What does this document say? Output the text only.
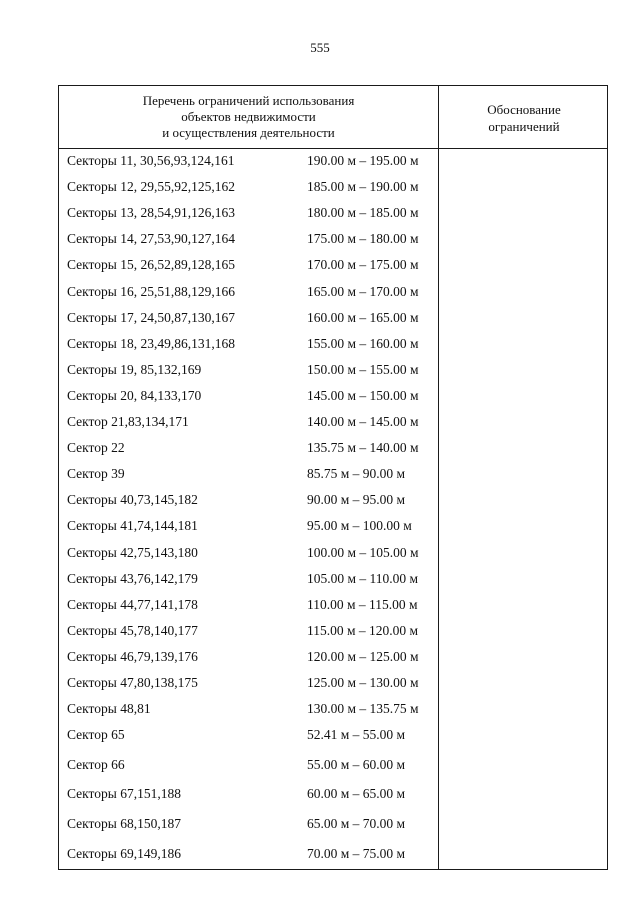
555
Перечень ограничений использования
объектов недвижимости
и осуществления деятельности
Обоснование
ограничений
Секторы 11, 30,56,93,124,161	190.00 м – 195.00 м
Секторы 12, 29,55,92,125,162	185.00 м – 190.00 м
Секторы 13, 28,54,91,126,163	180.00 м – 185.00 м
Секторы 14, 27,53,90,127,164	175.00 м – 180.00 м
Секторы 15, 26,52,89,128,165	170.00 м – 175.00 м
Секторы 16, 25,51,88,129,166	165.00 м – 170.00 м
Секторы 17, 24,50,87,130,167	160.00 м – 165.00 м
Секторы 18, 23,49,86,131,168	155.00 м – 160.00 м
Секторы 19, 85,132,169	150.00 м – 155.00 м
Секторы 20, 84,133,170	145.00 м – 150.00 м
Сектор 21,83,134,171	140.00 м – 145.00 м
Сектор 22	135.75 м – 140.00 м
Сектор 39	85.75 м – 90.00 м
Секторы 40,73,145,182	90.00 м – 95.00 м
Секторы 41,74,144,181	95.00 м – 100.00 м
Секторы 42,75,143,180	100.00 м – 105.00 м
Секторы 43,76,142,179	105.00 м – 110.00 м
Секторы 44,77,141,178	110.00 м – 115.00 м
Секторы 45,78,140,177	115.00 м – 120.00 м
Секторы 46,79,139,176	120.00 м – 125.00 м
Секторы 47,80,138,175	125.00 м – 130.00 м
Секторы 48,81	130.00 м – 135.75 м
Сектор 65	52.41 м – 55.00 м
Сектор 66	55.00 м – 60.00 м
Секторы 67,151,188	60.00 м – 65.00 м
Секторы 68,150,187	65.00 м – 70.00 м
Секторы 69,149,186	70.00 м – 75.00 м
